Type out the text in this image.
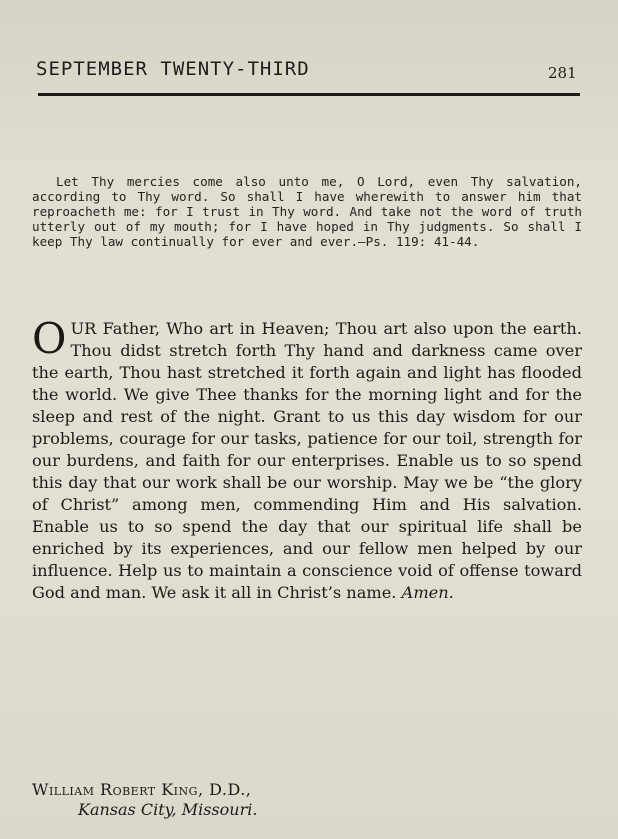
SEPTEMBER TWENTY-THIRD	281

Let Thy mercies come also unto me, O Lord, even Thy salvation, according to Thy word. So shall I have wherewith to answer him that reproacheth me: for I trust in Thy word. And take not the word of truth utterly out of my mouth; for I have hoped in Thy judgments. So shall I keep Thy law continually for ever and ever.—Ps. 119: 41-44.

OUR Father, Who art in Heaven; Thou art also upon the earth. Thou didst stretch forth Thy hand and darkness came over the earth, Thou hast stretched it forth again and light has flooded the world. We give Thee thanks for the morning light and for the sleep and rest of the night. Grant to us this day wisdom for our problems, courage for our tasks, patience for our toil, strength for our burdens, and faith for our enterprises. Enable us to so spend this day that our work shall be our worship. May we be “the glory of Christ” among men, commending Him and His salvation. Enable us to so spend the day that our spiritual life shall be enriched by its experiences, and our fellow men helped by our influence. Help us to maintain a conscience void of offense toward God and man. We ask it all in Christ’s name. Amen.

William Robert King, D.D.,
Kansas City, Missouri.
